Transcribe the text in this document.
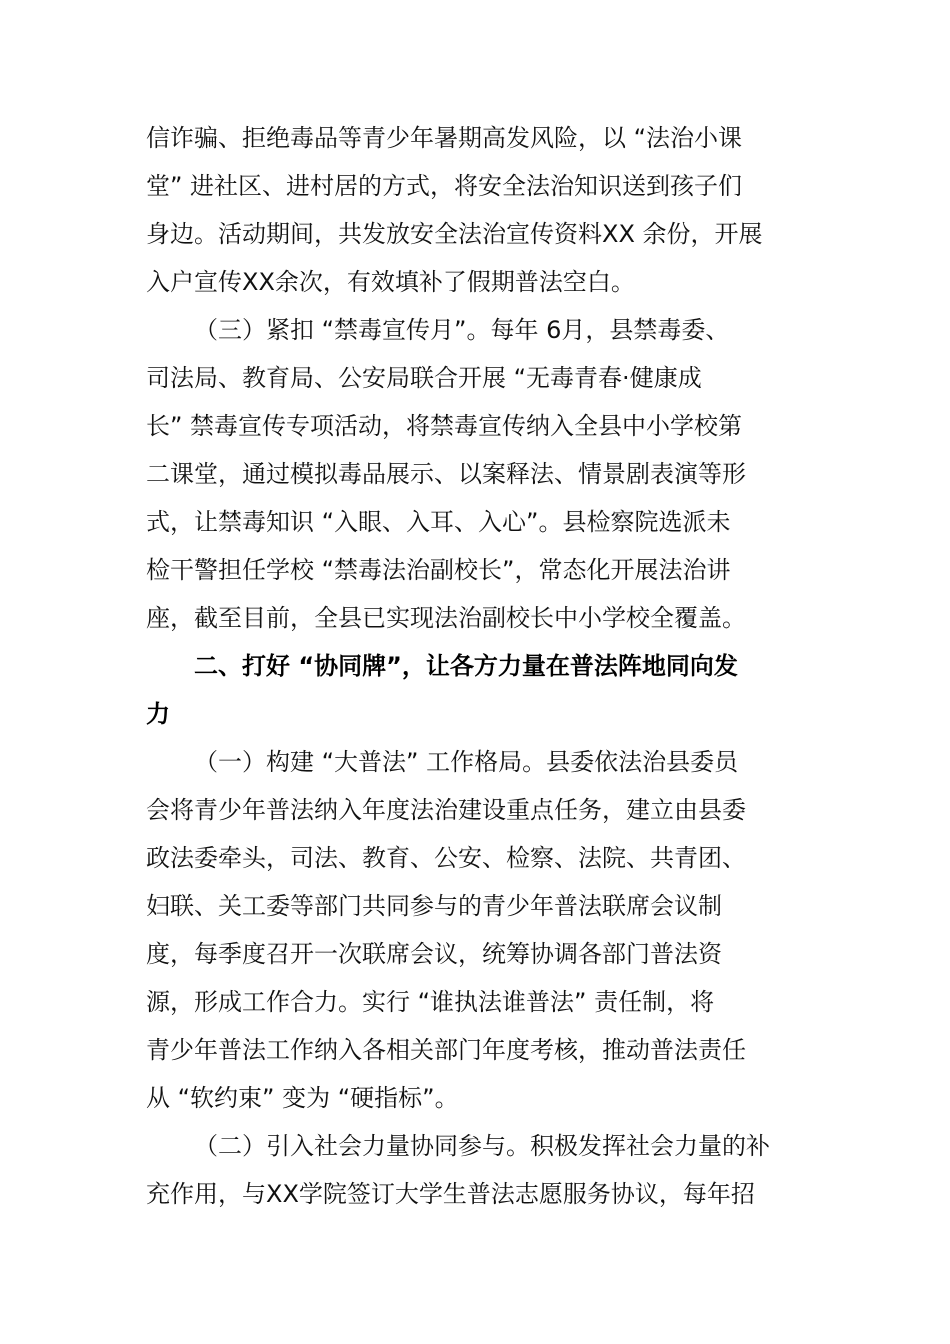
信诈骗、拒绝毒品等青少年暑期高发风险，以 “法治小课
堂” 进社区、进村居的方式，将安全法治知识送到孩子们
身边。活动期间，共发放安全法治宣传资料XX 余份，开展
入户宣传XX余次，有效填补了假期普法空白。
（三）紧扣 “禁毒宣传月”。每年 6月，县禁毒委、
司法局、教育局、公安局联合开展 “无毒青春·健康成
长” 禁毒宣传专项活动，将禁毒宣传纳入全县中小学校第
二课堂，通过模拟毒品展示、以案释法、情景剧表演等形
式，让禁毒知识 “入眼、入耳、入心”。县检察院选派未
检干警担任学校 “禁毒法治副校长”，常态化开展法治讲
座，截至目前，全县已实现法治副校长中小学校全覆盖。
二、打好 “协同牌”，让各方力量在普法阵地同向发
力
（一）构建 “大普法” 工作格局。县委依法治县委员
会将青少年普法纳入年度法治建设重点任务，建立由县委
政法委牵头，司法、教育、公安、检察、法院、共青团、
妇联、关工委等部门共同参与的青少年普法联席会议制
度，每季度召开一次联席会议，统筹协调各部门普法资
源，形成工作合力。实行 “谁执法谁普法” 责任制，将
青少年普法工作纳入各相关部门年度考核，推动普法责任
从 “软约束” 变为 “硬指标”。
（二）引入社会力量协同参与。积极发挥社会力量的补
充作用，与XX学院签订大学生普法志愿服务协议，每年招
